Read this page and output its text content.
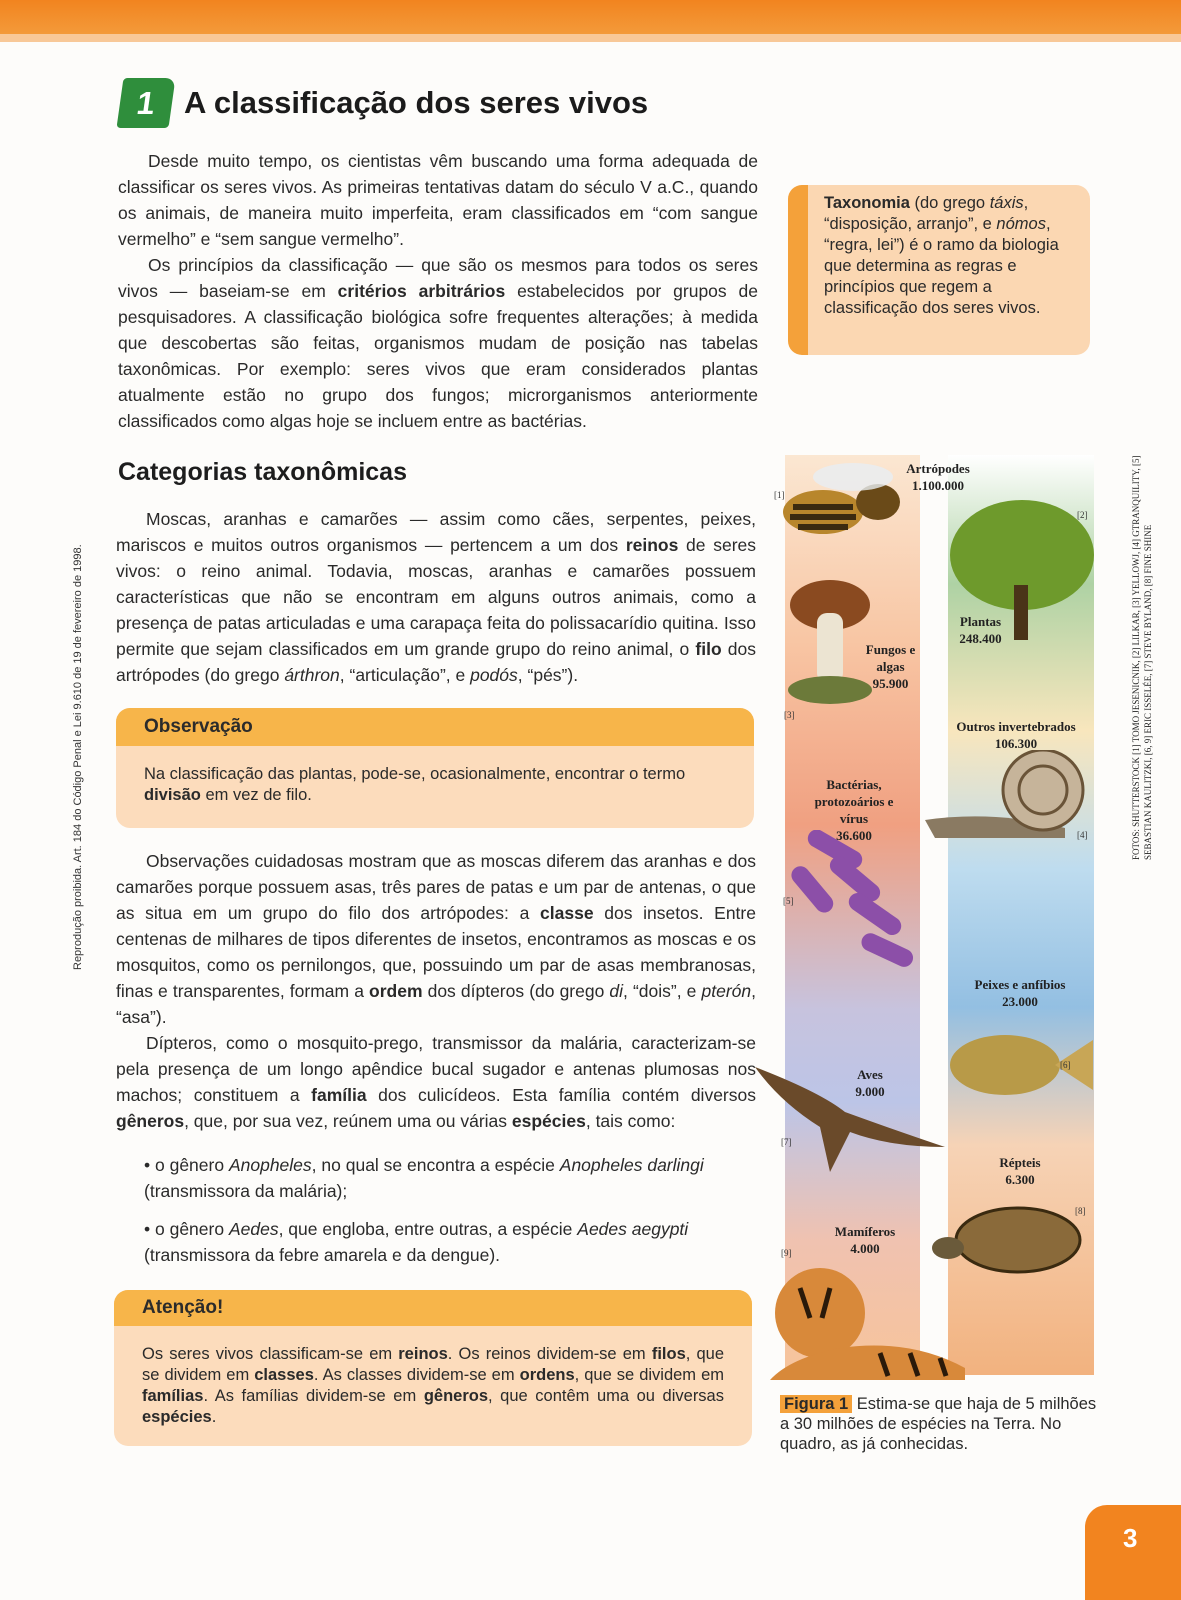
Reprodução proibida. Art. 184 do Código Penal e Lei 9.610 de 19 de fevereiro de 1998.	FOTOS: SHUTTERSTOCK [1] TOMO JESENICNIK, [2] LILKAR, [3] YELLOWJ, [4] GTRANQUILITY, [5] SEBASTIAN KAULITZKI, [6, 9] ERIC ISSELÉE, [7] STEVE BYLAND, [8] FINE SHINE
1 A classificação dos seres vivos

Desde muito tempo, os cientistas vêm buscando uma forma adequada de classificar os seres vivos. As primeiras tentativas datam do século V a.C., quando os animais, de maneira muito imperfeita, eram classificados em “com sangue vermelho” e “sem sangue vermelho”.

Os princípios da classificação — que são os mesmos para todos os seres vivos — baseiam-se em critérios arbitrários estabelecidos por grupos de pesquisadores. A classificação biológica sofre frequentes alterações; à medida que descobertas são feitas, organismos mudam de posição nas tabelas taxonômicas. Por exemplo: seres vivos que eram considerados plantas atualmente estão no grupo dos fungos; microrganismos anteriormente classificados como algas hoje se incluem entre as bactérias.

Taxonomia (do grego táxis, “disposição, arranjo”, e nómos, “regra, lei”) é o ramo da biologia que determina as regras e princípios que regem a classificação dos seres vivos.
Categorias taxonômicas

Moscas, aranhas e camarões — assim como cães, serpentes, peixes, mariscos e muitos outros organismos — pertencem a um dos reinos de seres vivos: o reino animal. Todavia, moscas, aranhas e camarões possuem características que não se encontram em alguns outros animais, como a presença de patas articuladas e uma carapaça feita do polissacarídio quitina. Isso permite que sejam classificados em um grande grupo do reino animal, o filo dos artrópodes (do grego árthron, “articulação”, e podós, “pés”).

Observação
Na classificação das plantas, pode-se, ocasionalmente, encontrar o termo divisão em vez de filo.

Observações cuidadosas mostram que as moscas diferem das aranhas e dos camarões porque possuem asas, três pares de patas e um par de antenas, o que as situa em um grupo do filo dos artrópodes: a classe dos insetos. Entre centenas de milhares de tipos diferentes de insetos, encontramos as moscas e os mosquitos, como os pernilongos, que, possuindo um par de asas membranosas, finas e transparentes, formam a ordem dos dípteros (do grego di, “dois”, e pterón, “asa”).

Dípteros, como o mosquito-prego, transmissor da malária, caracterizam-se pela presença de um longo apêndice bucal sugador e antenas plumosas nos machos; constituem a família dos culicídeos. Esta família contém diversos gêneros, que, por sua vez, reúnem uma ou várias espécies, tais como:

• o gênero Anopheles, no qual se encontra a espécie Anopheles darlingi (transmissora da malária);
• o gênero Aedes, que engloba, entre outras, a espécie Aedes aegypti (transmissora da febre amarela e da dengue).
Atenção!
Os seres vivos classificam-se em reinos. Os reinos dividem-se em filos, que se dividem em classes. As classes dividem-se em ordens, que se dividem em famílias. As famílias dividem-se em gêneros, que contêm uma ou diversas espécies.
Artrópodes
1.100.000
Plantas
248.400
Fungos e algas
95.900
Outros invertebrados
106.300
Bactérias, protozoários e vírus
36.600
Peixes e anfíbios
23.000
Aves
9.000
Répteis
6.300
Mamíferos
4.000
[1]
[2]
[3]
[4]
[5]
[6]
[7]
[8]
[9]
Figura 1 Estima-se que haja de 5 milhões a 30 milhões de espécies na Terra. No quadro, as já conhecidas.
3
